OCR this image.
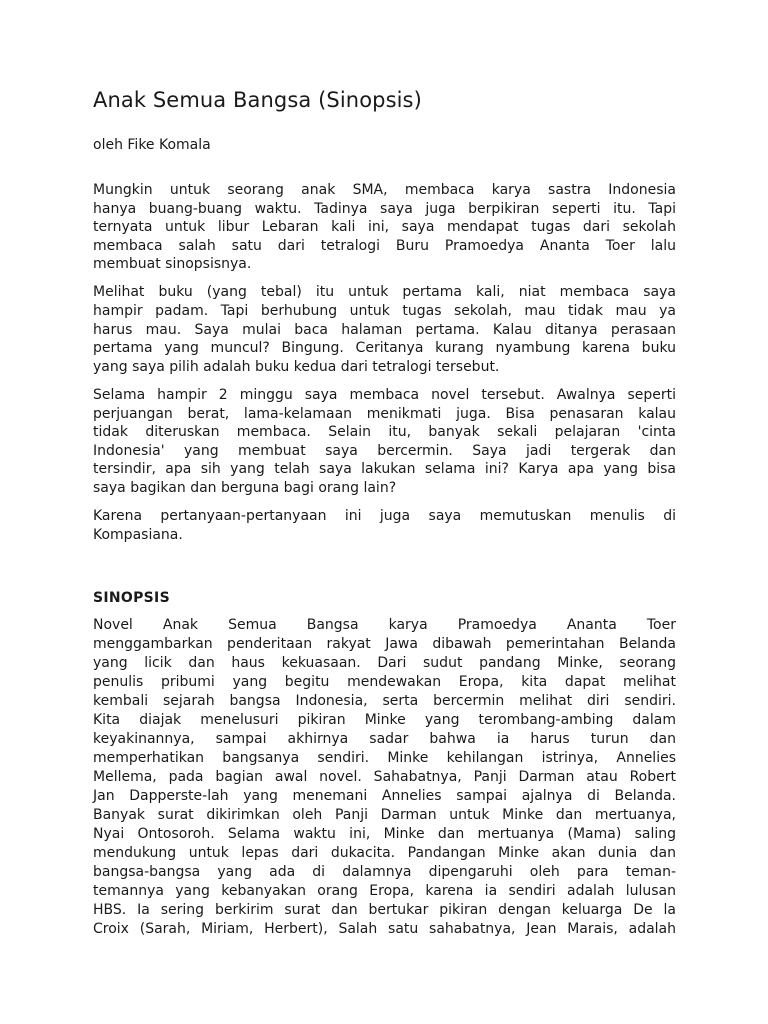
Anak Semua Bangsa (Sinopsis)

oleh Fike Komala

Mungkin untuk seorang anak SMA, membaca karya sastra Indonesia
hanya buang-buang waktu. Tadinya saya juga berpikiran seperti itu. Tapi
ternyata untuk libur Lebaran kali ini, saya mendapat tugas dari sekolah
membaca salah satu dari tetralogi Buru Pramoedya Ananta Toer lalu
membuat sinopsisnya.

Melihat buku (yang tebal) itu untuk pertama kali, niat membaca saya
hampir padam. Tapi berhubung untuk tugas sekolah, mau tidak mau ya
harus mau. Saya mulai baca halaman pertama. Kalau ditanya perasaan
pertama yang muncul? Bingung. Ceritanya kurang nyambung karena buku
yang saya pilih adalah buku kedua dari tetralogi tersebut.

Selama hampir 2 minggu saya membaca novel tersebut. Awalnya seperti
perjuangan berat, lama-kelamaan menikmati juga. Bisa penasaran kalau
tidak diteruskan membaca. Selain itu, banyak sekali pelajaran 'cinta
Indonesia' yang membuat saya bercermin. Saya jadi tergerak dan
tersindir, apa sih yang telah saya lakukan selama ini? Karya apa yang bisa
saya bagikan dan berguna bagi orang lain?

Karena pertanyaan-pertanyaan ini juga saya memutuskan menulis di
Kompasiana.

SINOPSIS
Novel Anak Semua Bangsa karya Pramoedya Ananta Toer
menggambarkan penderitaan rakyat Jawa dibawah pemerintahan Belanda
yang licik dan haus kekuasaan. Dari sudut pandang Minke, seorang
penulis pribumi yang begitu mendewakan Eropa, kita dapat melihat
kembali sejarah bangsa Indonesia, serta bercermin melihat diri sendiri.
Kita diajak menelusuri pikiran Minke yang terombang-ambing dalam
keyakinannya, sampai akhirnya sadar bahwa ia harus turun dan
memperhatikan bangsanya sendiri. Minke kehilangan istrinya, Annelies
Mellema, pada bagian awal novel. Sahabatnya, Panji Darman atau Robert
Jan Dapperste-lah yang menemani Annelies sampai ajalnya di Belanda.
Banyak surat dikirimkan oleh Panji Darman untuk Minke dan mertuanya,
Nyai Ontosoroh. Selama waktu ini, Minke dan mertuanya (Mama) saling
mendukung untuk lepas dari dukacita. Pandangan Minke akan dunia dan
bangsa-bangsa yang ada di dalamnya dipengaruhi oleh para teman-
temannya yang kebanyakan orang Eropa, karena ia sendiri adalah lulusan
HBS. Ia sering berkirim surat dan bertukar pikiran dengan keluarga De la
Croix (Sarah, Miriam, Herbert), Salah satu sahabatnya, Jean Marais, adalah
